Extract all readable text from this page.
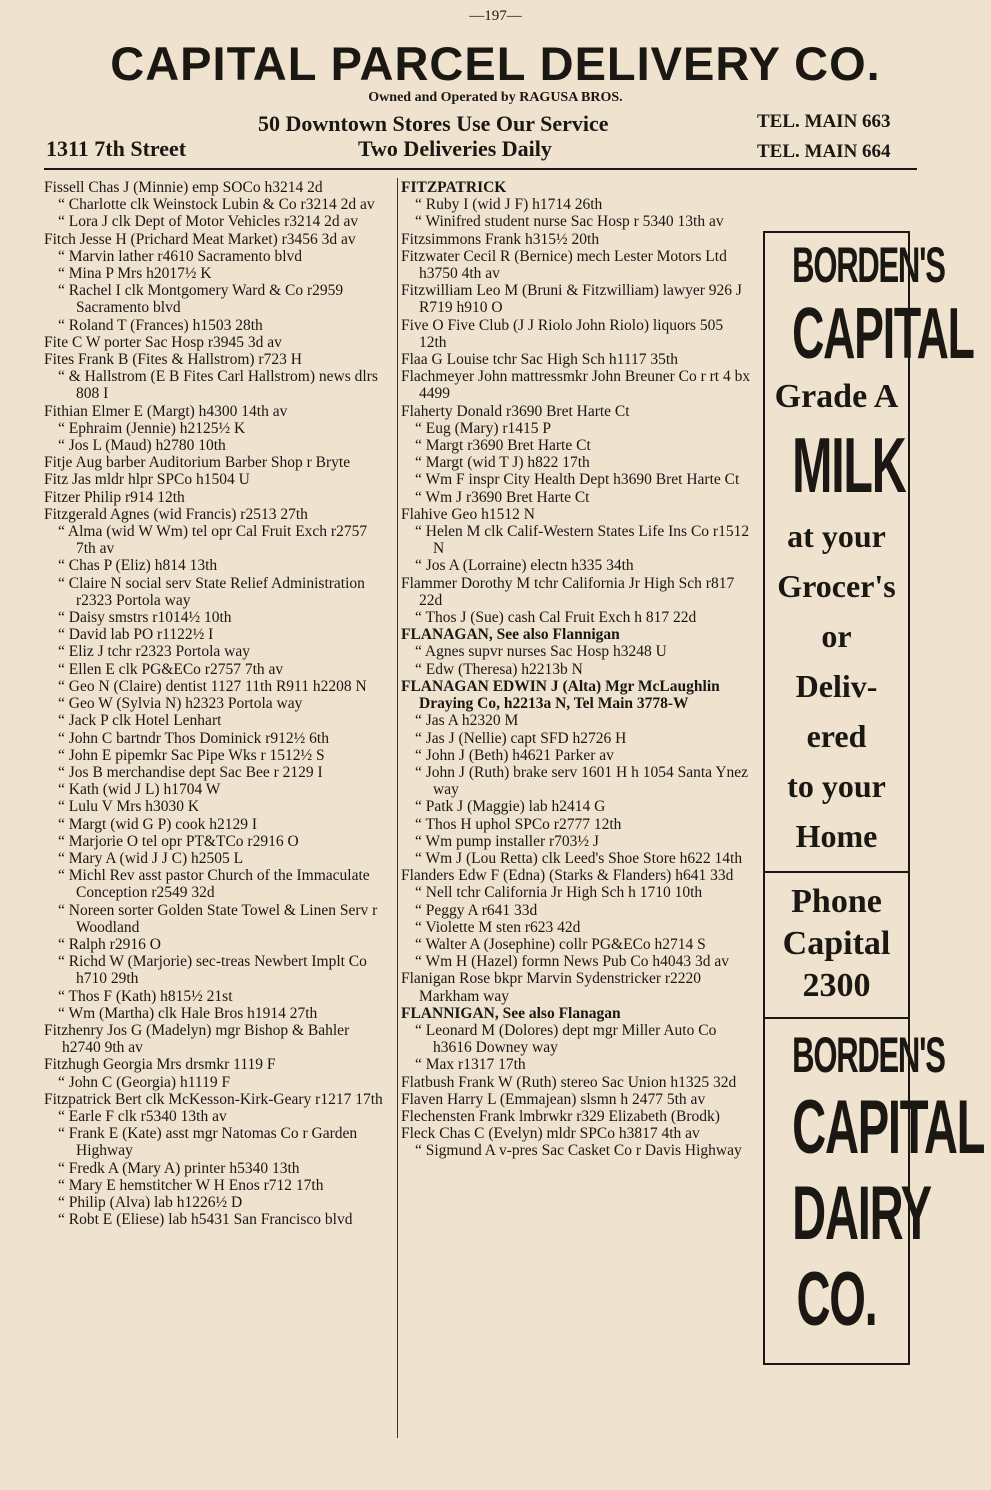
—197—
CAPITAL PARCEL DELIVERY CO.
Owned and Operated by RAGUSA BROS.
50 Downtown Stores Use Our Service
Two Deliveries Daily
1311 7th Street
TEL. MAIN 663
TEL. MAIN 664
Fissell Chas J (Minnie) emp SOCo h3214 2d
“ Charlotte clk Weinstock Lubin & Co r3214 2d av
“ Lora J clk Dept of Motor Vehicles r3214 2d av
Fitch Jesse H (Prichard Meat Market) r3456 3d av
“ Marvin lather r4610 Sacramento blvd
“ Mina P Mrs h2017½ K
“ Rachel I clk Montgomery Ward & Co r2959 Sacramento blvd
“ Roland T (Frances) h1503 28th
Fite C W porter Sac Hosp r3945 3d av
Fites Frank B (Fites & Hallstrom) r723 H
“ & Hallstrom (E B Fites Carl Hallstrom) news dlrs 808 I
Fithian Elmer E (Margt) h4300 14th av
“ Ephraim (Jennie) h2125½ K
“ Jos L (Maud) h2780 10th
Fitje Aug barber Auditorium Barber Shop r Bryte
Fitz Jas mldr hlpr SPCo h1504 U
Fitzer Philip r914 12th
Fitzgerald Agnes (wid Francis) r2513 27th
“ Alma (wid W Wm) tel opr Cal Fruit Exch r2757 7th av
“ Chas P (Eliz) h814 13th
“ Claire N social serv State Relief Administration r2323 Portola way
“ Daisy smstrs r1014½ 10th
“ David lab PO r1122½ I
“ Eliz J tchr r2323 Portola way
“ Ellen E clk PG&ECo r2757 7th av
“ Geo N (Claire) dentist 1127 11th R911 h2208 N
“ Geo W (Sylvia N) h2323 Portola way
“ Jack P clk Hotel Lenhart
“ John C bartndr Thos Dominick r912½ 6th
“ John E pipemkr Sac Pipe Wks r 1512½ S
“ Jos B merchandise dept Sac Bee r 2129 I
“ Kath (wid J L) h1704 W
“ Lulu V Mrs h3030 K
“ Margt (wid G P) cook h2129 I
“ Marjorie O tel opr PT&TCo r2916 O
“ Mary A (wid J J C) h2505 L
“ Michl Rev asst pastor Church of the Immaculate Conception r2549 32d
“ Noreen sorter Golden State Towel & Linen Serv r Woodland
“ Ralph r2916 O
“ Richd W (Marjorie) sec-treas Newbert Implt Co h710 29th
“ Thos F (Kath) h815½ 21st
“ Wm (Martha) clk Hale Bros h1914 27th
Fitzhenry Jos G (Madelyn) mgr Bishop & Bahler h2740 9th av
Fitzhugh Georgia Mrs drsmkr 1119 F
“ John C (Georgia) h1119 F
Fitzpatrick Bert clk McKesson-Kirk-Geary r1217 17th
“ Earle F clk r5340 13th av
“ Frank E (Kate) asst mgr Natomas Co r Garden Highway
“ Fredk A (Mary A) printer h5340 13th
“ Mary E hemstitcher W H Enos r712 17th
“ Philip (Alva) lab h1226½ D
“ Robt E (Eliese) lab h5431 San Francisco blvd
FITZPATRICK
“ Ruby I (wid J F) h1714 26th
“ Winifred student nurse Sac Hosp r 5340 13th av
Fitzsimmons Frank h315½ 20th
Fitzwater Cecil R (Bernice) mech Lester Motors Ltd h3750 4th av
Fitzwilliam Leo M (Bruni & Fitzwilliam) lawyer 926 J R719 h910 O
Five O Five Club (J J Riolo John Riolo) liquors 505 12th
Flaa G Louise tchr Sac High Sch h1117 35th
Flachmeyer John mattressmkr John Breuner Co r rt 4 bx 4499
Flaherty Donald r3690 Bret Harte Ct
“ Eug (Mary) r1415 P
“ Margt r3690 Bret Harte Ct
“ Margt (wid T J) h822 17th
“ Wm F inspr City Health Dept h3690 Bret Harte Ct
“ Wm J r3690 Bret Harte Ct
Flahive Geo h1512 N
“ Helen M clk Calif-Western States Life Ins Co r1512 N
“ Jos A (Lorraine) electn h335 34th
Flammer Dorothy M tchr California Jr High Sch r817 22d
“ Thos J (Sue) cash Cal Fruit Exch h 817 22d
FLANAGAN, See also Flannigan
“ Agnes supvr nurses Sac Hosp h3248 U
“ Edw (Theresa) h2213b N
FLANAGAN EDWIN J (Alta) Mgr McLaughlin Draying Co, h2213a N, Tel Main 3778-W
“ Jas A h2320 M
“ Jas J (Nellie) capt SFD h2726 H
“ John J (Beth) h4621 Parker av
“ John J (Ruth) brake serv 1601 H h 1054 Santa Ynez way
“ Patk J (Maggie) lab h2414 G
“ Thos H uphol SPCo r2777 12th
“ Wm pump installer r703½ J
“ Wm J (Lou Retta) clk Leed's Shoe Store h622 14th
Flanders Edw F (Edna) (Starks & Flanders) h641 33d
“ Nell tchr California Jr High Sch h 1710 10th
“ Peggy A r641 33d
“ Violette M sten r623 42d
“ Walter A (Josephine) collr PG&ECo h2714 S
“ Wm H (Hazel) formn News Pub Co h4043 3d av
Flanigan Rose bkpr Marvin Sydenstricker r2220 Markham way
FLANNIGAN, See also Flanagan
“ Leonard M (Dolores) dept mgr Miller Auto Co h3616 Downey way
“ Max r1317 17th
Flatbush Frank W (Ruth) stereo Sac Union h1325 32d
Flaven Harry L (Emmajean) slsmn h 2477 5th av
Flechensten Frank lmbrwkr r329 Elizabeth (Brodk)
Fleck Chas C (Evelyn) mldr SPCo h3817 4th av
“ Sigmund A v-pres Sac Casket Co r Davis Highway
BORDEN'S
CAPITAL
Grade A
MILK
at your
Grocer's
or
Deliv-
ered
to your
Home
Phone
Capital
2300
BORDEN'S
CAPITAL
DAIRY
CO.
